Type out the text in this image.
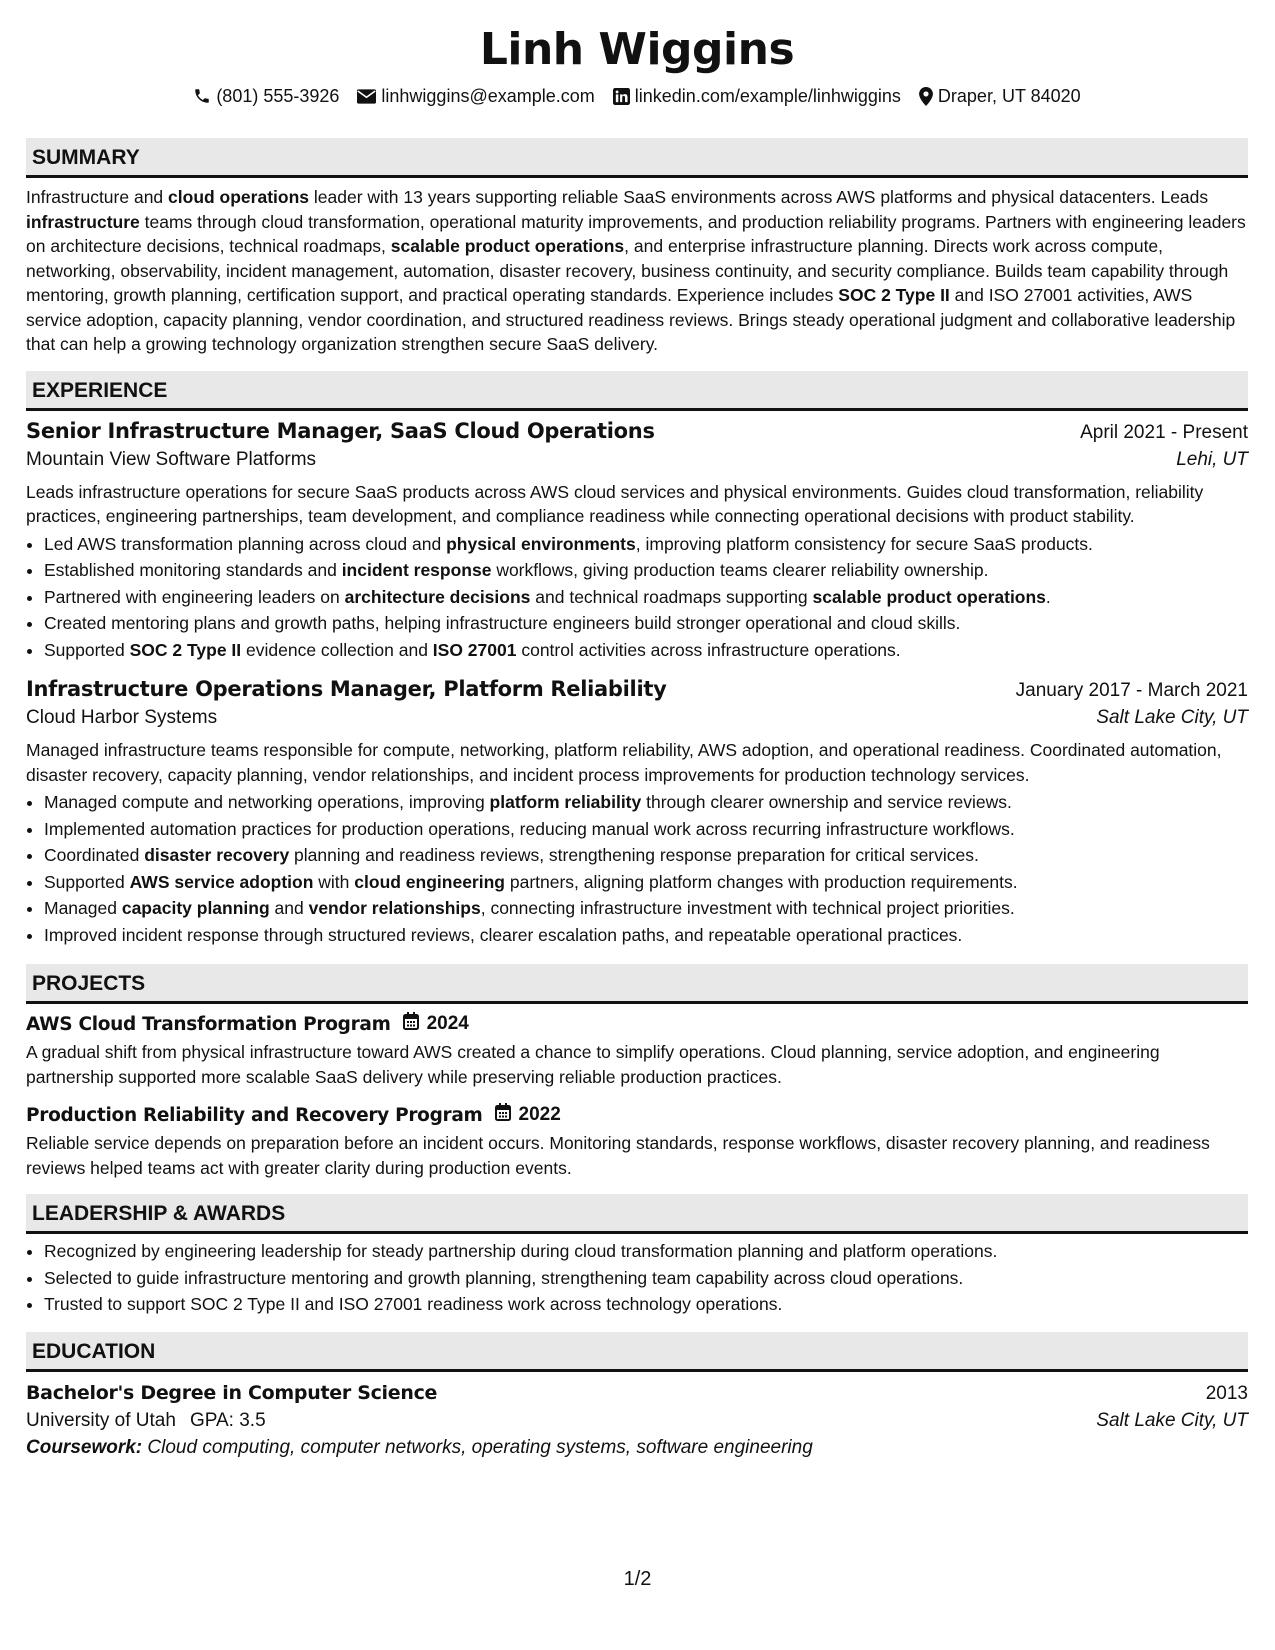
Linh Wiggins
(801) 555-3926 linhwiggins@example.com linkedin.com/example/linhwiggins Draper, UT 84020
SUMMARY
Infrastructure and cloud operations leader with 13 years supporting reliable SaaS environments across AWS platforms and physical datacenters. Leads infrastructure teams through cloud transformation, operational maturity improvements, and production reliability programs. Partners with engineering leaders on architecture decisions, technical roadmaps, scalable product operations, and enterprise infrastructure planning. Directs work across compute, networking, observability, incident management, automation, disaster recovery, business continuity, and security compliance. Builds team capability through mentoring, growth planning, certification support, and practical operating standards. Experience includes SOC 2 Type II and ISO 27001 activities, AWS service adoption, capacity planning, vendor coordination, and structured readiness reviews. Brings steady operational judgment and collaborative leadership that can help a growing technology organization strengthen secure SaaS delivery.
EXPERIENCE
Senior Infrastructure Manager, SaaS Cloud Operations	April 2021 - Present
Mountain View Software Platforms	Lehi, UT
Leads infrastructure operations for secure SaaS products across AWS cloud services and physical environments. Guides cloud transformation, reliability practices, engineering partnerships, team development, and compliance readiness while connecting operational decisions with product stability.
• Led AWS transformation planning across cloud and physical environments, improving platform consistency for secure SaaS products.
• Established monitoring standards and incident response workflows, giving production teams clearer reliability ownership.
• Partnered with engineering leaders on architecture decisions and technical roadmaps supporting scalable product operations.
• Created mentoring plans and growth paths, helping infrastructure engineers build stronger operational and cloud skills.
• Supported SOC 2 Type II evidence collection and ISO 27001 control activities across infrastructure operations.
Infrastructure Operations Manager, Platform Reliability	January 2017 - March 2021
Cloud Harbor Systems	Salt Lake City, UT
Managed infrastructure teams responsible for compute, networking, platform reliability, AWS adoption, and operational readiness. Coordinated automation, disaster recovery, capacity planning, vendor relationships, and incident process improvements for production technology services.
• Managed compute and networking operations, improving platform reliability through clearer ownership and service reviews.
• Implemented automation practices for production operations, reducing manual work across recurring infrastructure workflows.
• Coordinated disaster recovery planning and readiness reviews, strengthening response preparation for critical services.
• Supported AWS service adoption with cloud engineering partners, aligning platform changes with production requirements.
• Managed capacity planning and vendor relationships, connecting infrastructure investment with technical project priorities.
• Improved incident response through structured reviews, clearer escalation paths, and repeatable operational practices.
PROJECTS
AWS Cloud Transformation Program 2024
A gradual shift from physical infrastructure toward AWS created a chance to simplify operations. Cloud planning, service adoption, and engineering partnership supported more scalable SaaS delivery while preserving reliable production practices.
Production Reliability and Recovery Program 2022
Reliable service depends on preparation before an incident occurs. Monitoring standards, response workflows, disaster recovery planning, and readiness reviews helped teams act with greater clarity during production events.
LEADERSHIP & AWARDS
• Recognized by engineering leadership for steady partnership during cloud transformation planning and platform operations.
• Selected to guide infrastructure mentoring and growth planning, strengthening team capability across cloud operations.
• Trusted to support SOC 2 Type II and ISO 27001 readiness work across technology operations.
EDUCATION
Bachelor's Degree in Computer Science	2013
University of Utah GPA: 3.5	Salt Lake City, UT
Coursework: Cloud computing, computer networks, operating systems, software engineering
1/2
